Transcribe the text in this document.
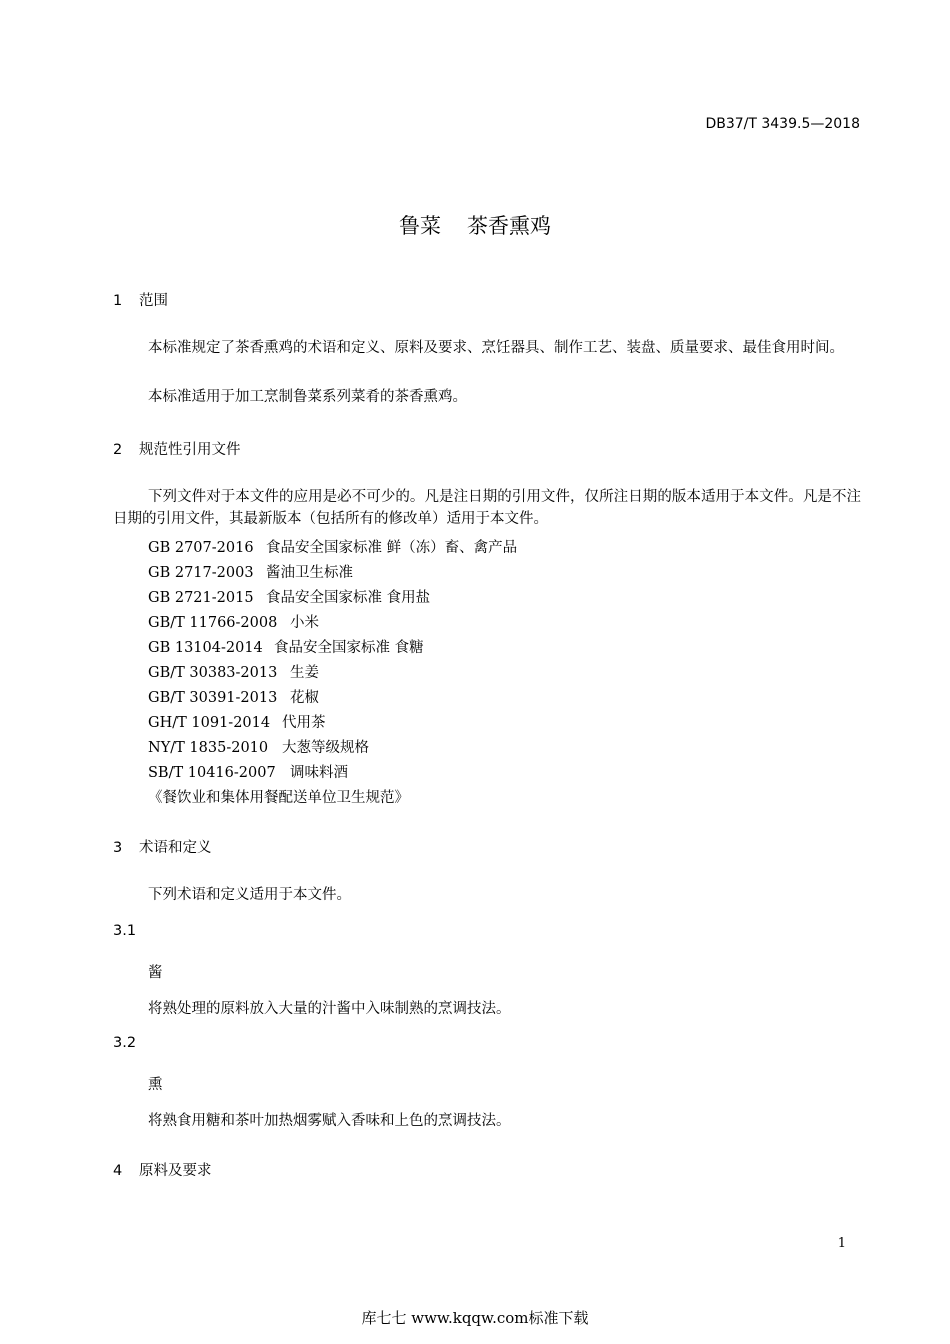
DB37/T 3439.5—2018
鲁菜 茶香熏鸡
1 范围
本标准规定了茶香熏鸡的术语和定义、原料及要求、烹饪器具、制作工艺、装盘、质量要求、最佳食用时间。
本标准适用于加工烹制鲁菜系列菜肴的茶香熏鸡。
2 规范性引用文件
下列文件对于本文件的应用是必不可少的。凡是注日期的引用文件，仅所注日期的版本适用于本文件。凡是不注日期的引用文件，其最新版本（包括所有的修改单）适用于本文件。
GB 2707-2016 食品安全国家标准 鲜（冻）畜、禽产品
GB 2717-2003 酱油卫生标准
GB 2721-2015 食品安全国家标准 食用盐
GB/T 11766-2008 小米
GB 13104-2014 食品安全国家标准 食糖
GB/T 30383-2013 生姜
GB/T 30391-2013 花椒
GH/T 1091-2014 代用茶
NY/T 1835-2010 大葱等级规格
SB/T 10416-2007 调味料酒
《餐饮业和集体用餐配送单位卫生规范》
3 术语和定义
下列术语和定义适用于本文件。
3.1
酱
将熟处理的原料放入大量的汁酱中入味制熟的烹调技法。
3.2
熏
将熟食用糖和茶叶加热烟雾赋入香味和上色的烹调技法。
4 原料及要求
1
库七七 www.kqqw.com标准下载
